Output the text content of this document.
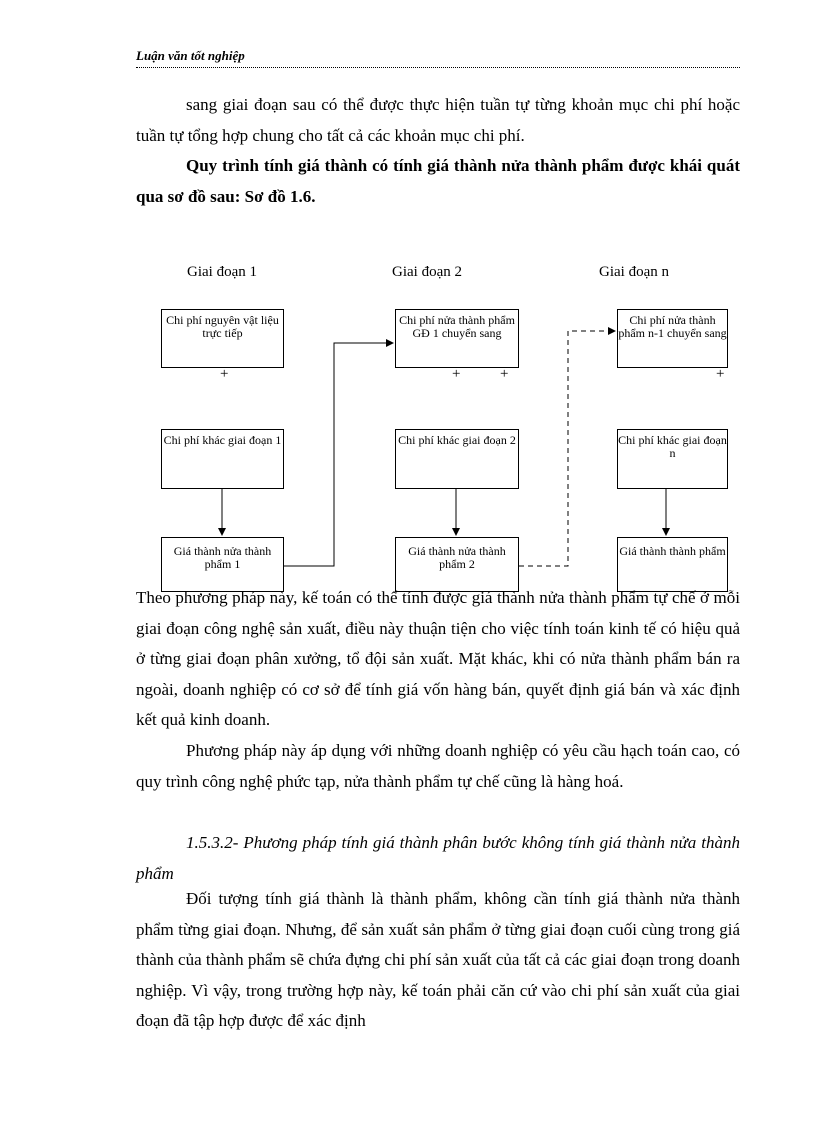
Luận văn tốt nghiệp

sang giai đoạn sau có thể được thực hiện tuần tự từng khoản mục chi phí hoặc tuần tự tổng hợp chung cho tất cả các khoản mục chi phí.

Quy trình tính giá thành có tính giá thành nửa thành phẩm được khái quát qua sơ đồ sau: Sơ đồ 1.6.

Giai đoạn 1	Giai đoạn 2	Giai đoạn n
Chi phí nguyên vật liệu trực tiếp
Chi phí nửa thành phẩm GĐ 1 chuyển sang
Chi phí nửa thành phẩm n-1 chuyển sang
+	+	+	+
Chi phí khác giai đoạn 1	Chi phí khác giai đoạn 2	Chi phí khác giai đoạn n
Giá thành nửa thành phẩm 1
Giá thành nửa thành phẩm 2
Giá thành thành phẩm

Theo phương pháp này, kế toán có thể tính được giá thành nửa thành phẩm tự chế ở mỗi giai đoạn công nghệ sản xuất, điều này thuận tiện cho việc tính toán kinh tế có hiệu quả ở từng giai đoạn phân xưởng, tổ đội sản xuất. Mặt khác, khi có nửa thành phẩm bán ra ngoài, doanh nghiệp có cơ sở để tính giá vốn hàng bán, quyết định giá bán và xác định kết quả kinh doanh.

Phương pháp này áp dụng với những doanh nghiệp có yêu cầu hạch toán cao, có quy trình công nghệ phức tạp, nửa thành phẩm tự chế cũng là hàng hoá.

1.5.3.2- Phương pháp tính giá thành phân bước không tính giá thành nửa thành phẩm

Đối tượng tính giá thành là thành phẩm, không cần tính giá thành nửa thành phẩm từng giai đoạn. Nhưng, để sản xuất sản phẩm ở từng giai đoạn cuối cùng trong giá thành của thành phẩm sẽ chứa đựng chi phí sản xuất của tất cả các giai đoạn trong doanh nghiệp. Vì vậy, trong trường hợp này, kế toán phải căn cứ vào chi phí sản xuất của giai đoạn đã tập hợp được để xác định
